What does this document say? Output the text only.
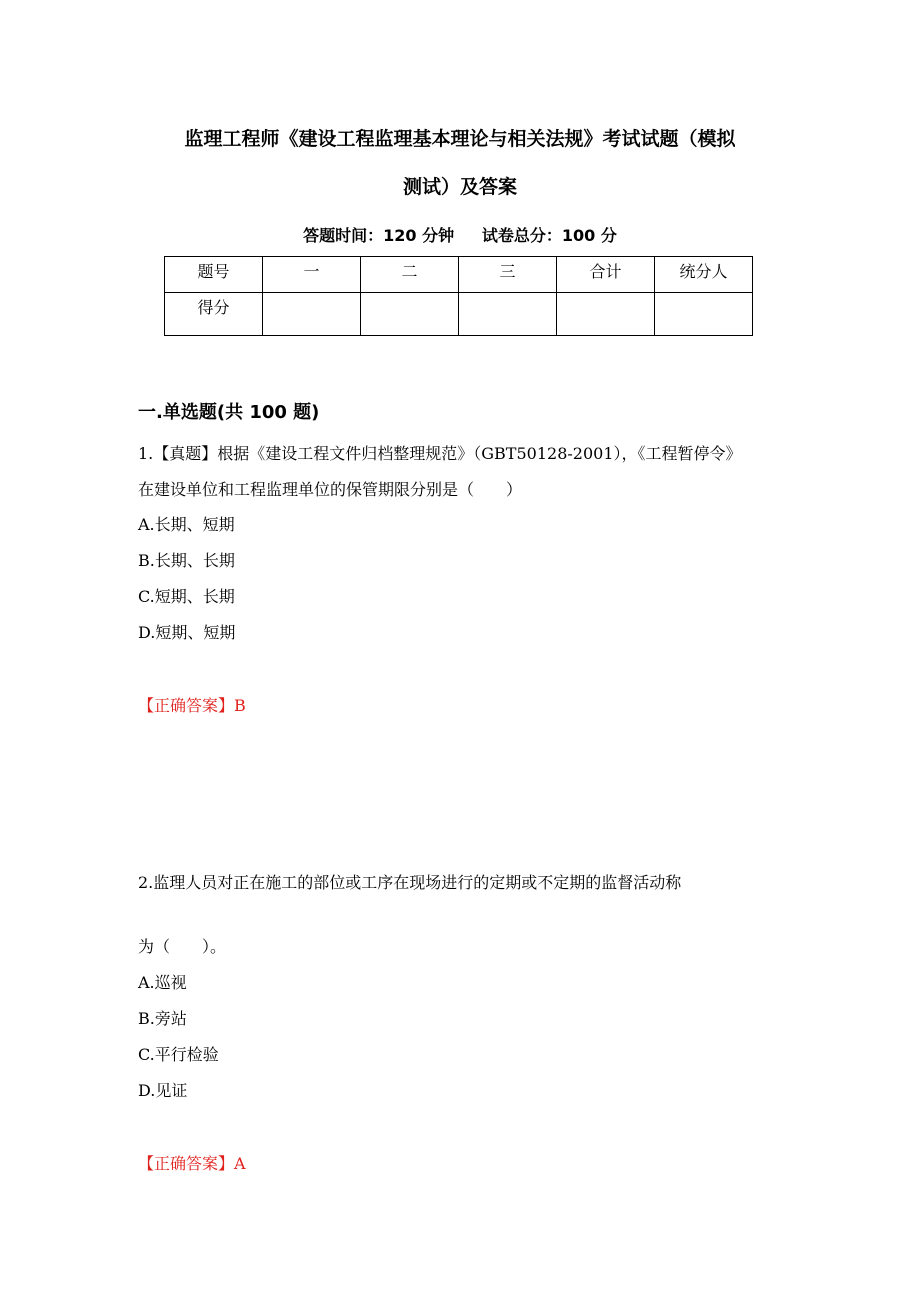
监理工程师《建设工程监理基本理论与相关法规》考试试题（模拟
测试）及答案
答题时间：120 分钟     试卷总分：100 分
题号	一	二	三	合计	统分人
得分					
一.单选题(共 100 题)
1.【真题】根据《建设工程文件归档整理规范》（GBT50128-2001），《工程暂停令》
在建设单位和工程监理单位的保管期限分别是（　　）
A.长期、短期
B.长期、长期
C.短期、长期
D.短期、短期
【正确答案】B
2.监理人员对正在施工的部位或工序在现场进行的定期或不定期的监督活动称
为（　　）。
A.巡视
B.旁站
C.平行检验
D.见证
【正确答案】A
